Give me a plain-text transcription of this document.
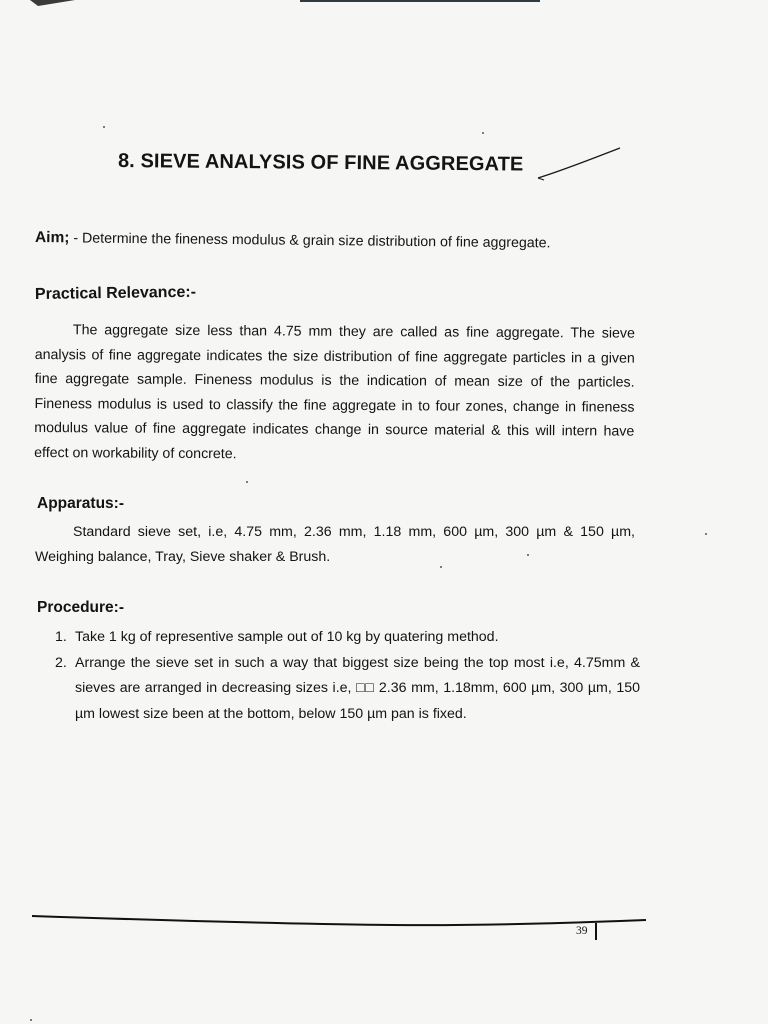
8. SIEVE ANALYSIS OF FINE AGGREGATE
Aim; - Determine the fineness modulus & grain size distribution of fine aggregate.
Practical Relevance:-

The aggregate size less than 4.75 mm they are called as fine aggregate. The sieve analysis of fine aggregate indicates the size distribution of fine aggregate particles in a given fine aggregate sample. Fineness modulus is the indication of mean size of the particles. Fineness modulus is used to classify the fine aggregate in to four zones, change in fineness modulus value of fine aggregate indicates change in source material & this will intern have effect on workability of concrete.

Apparatus:-

Standard sieve set, i.e, 4.75 mm, 2.36 mm, 1.18 mm, 600 µm, 300 µm & 150 µm, Weighing balance, Tray, Sieve shaker & Brush.

Procedure:-
1. Take 1 kg of representive sample out of 10 kg by quatering method.
2. Arrange the sieve set in such a way that biggest size being the top most i.e, 4.75mm & sieves are arranged in decreasing sizes i.e, □□ 2.36 mm, 1.18mm, 600 µm, 300 µm, 150 µm lowest size been at the bottom, below 150 µm pan is fixed.
39
